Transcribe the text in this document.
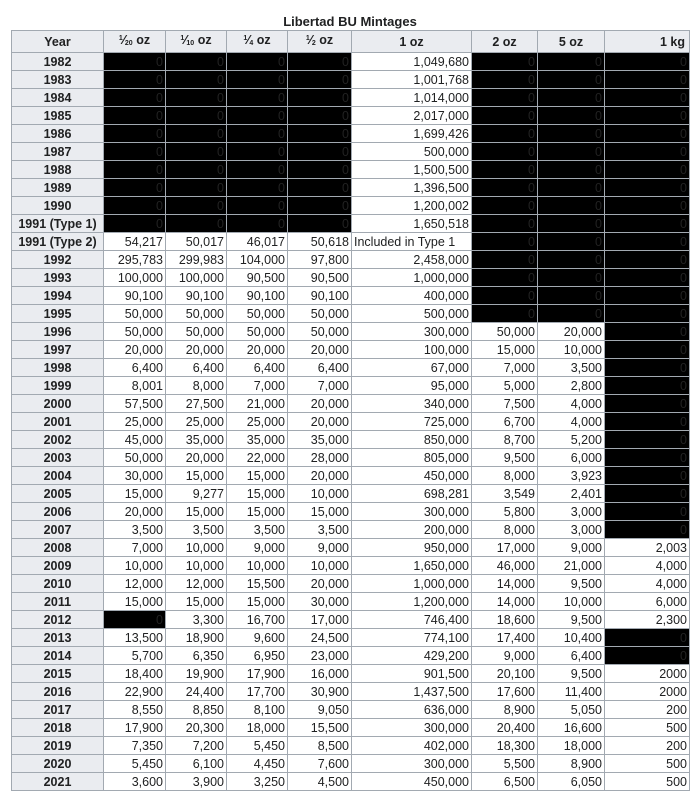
Libertad BU Mintages
Year	$^1⁄_{20}$ oz	$^1⁄_{10}$ oz	$^1⁄_4$ oz	$^1⁄_2$ oz	1 oz	2 oz	5 oz	1 kg
1982	0	0	0	0	1,049,680	0	0	0
1983	0	0	0	0	1,001,768	0	0	0
1984	0	0	0	0	1,014,000	0	0	0
1985	0	0	0	0	2,017,000	0	0	0
1986	0	0	0	0	1,699,426	0	0	0
1987	0	0	0	0	500,000	0	0	0
1988	0	0	0	0	1,500,500	0	0	0
1989	0	0	0	0	1,396,500	0	0	0
1990	0	0	0	0	1,200,002	0	0	0
1991 (Type 1)	0	0	0	0	1,650,518	0	0	0
1991 (Type 2)	54,217	50,017	46,017	50,618	Included in Type 1	0	0	0
1992	295,783	299,983	104,000	97,800	2,458,000	0	0	0
1993	100,000	100,000	90,500	90,500	1,000,000	0	0	0
1994	90,100	90,100	90,100	90,100	400,000	0	0	0
1995	50,000	50,000	50,000	50,000	500,000	0	0	0
1996	50,000	50,000	50,000	50,000	300,000	50,000	20,000	0
1997	20,000	20,000	20,000	20,000	100,000	15,000	10,000	0
1998	6,400	6,400	6,400	6,400	67,000	7,000	3,500	0
1999	8,001	8,000	7,000	7,000	95,000	5,000	2,800	0
2000	57,500	27,500	21,000	20,000	340,000	7,500	4,000	0
2001	25,000	25,000	25,000	20,000	725,000	6,700	4,000	0
2002	45,000	35,000	35,000	35,000	850,000	8,700	5,200	0
2003	50,000	20,000	22,000	28,000	805,000	9,500	6,000	0
2004	30,000	15,000	15,000	20,000	450,000	8,000	3,923	0
2005	15,000	9,277	15,000	10,000	698,281	3,549	2,401	0
2006	20,000	15,000	15,000	15,000	300,000	5,800	3,000	0
2007	3,500	3,500	3,500	3,500	200,000	8,000	3,000	0
2008	7,000	10,000	9,000	9,000	950,000	17,000	9,000	2,003
2009	10,000	10,000	10,000	10,000	1,650,000	46,000	21,000	4,000
2010	12,000	12,000	15,500	20,000	1,000,000	14,000	9,500	4,000
2011	15,000	15,000	15,000	30,000	1,200,000	14,000	10,000	6,000
2012	0	3,300	16,700	17,000	746,400	18,600	9,500	2,300
2013	13,500	18,900	9,600	24,500	774,100	17,400	10,400	0
2014	5,700	6,350	6,950	23,000	429,200	9,000	6,400	0
2015	18,400	19,900	17,900	16,000	901,500	20,100	9,500	2000
2016	22,900	24,400	17,700	30,900	1,437,500	17,600	11,400	2000
2017	8,550	8,850	8,100	9,050	636,000	8,900	5,050	200
2018	17,900	20,300	18,000	15,500	300,000	20,400	16,600	500
2019	7,350	7,200	5,450	8,500	402,000	18,300	18,000	200
2020	5,450	6,100	4,450	7,600	300,000	5,500	8,900	500
2021	3,600	3,900	3,250	4,500	450,000	6,500	6,050	500
